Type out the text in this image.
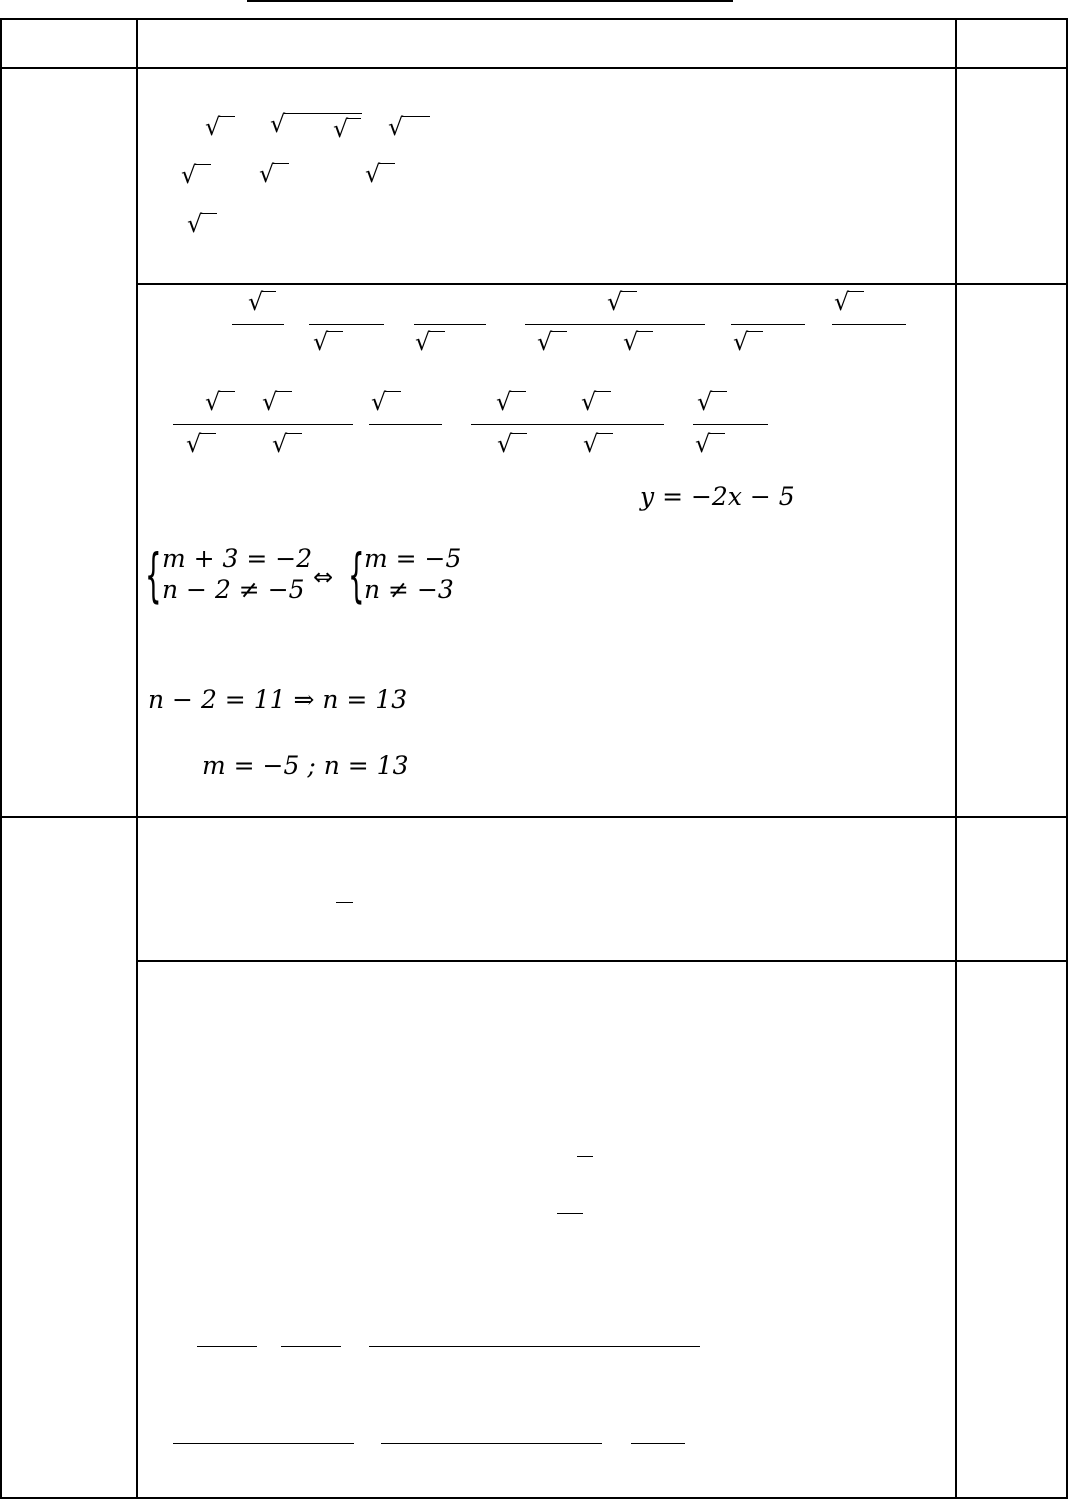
√ √ √ √
√	√	√
√
√
√	√
√
√	√	√
√
√ √
√	√
√	√	√
√	√
√
√
y = −2x − 5
{ m + 3 = −2
n − 2 ≠ −5 ⇔ { m = −5
n ≠ −3
n − 2 = 11 ⇒ n = 13
m = −5 ; n = 13
